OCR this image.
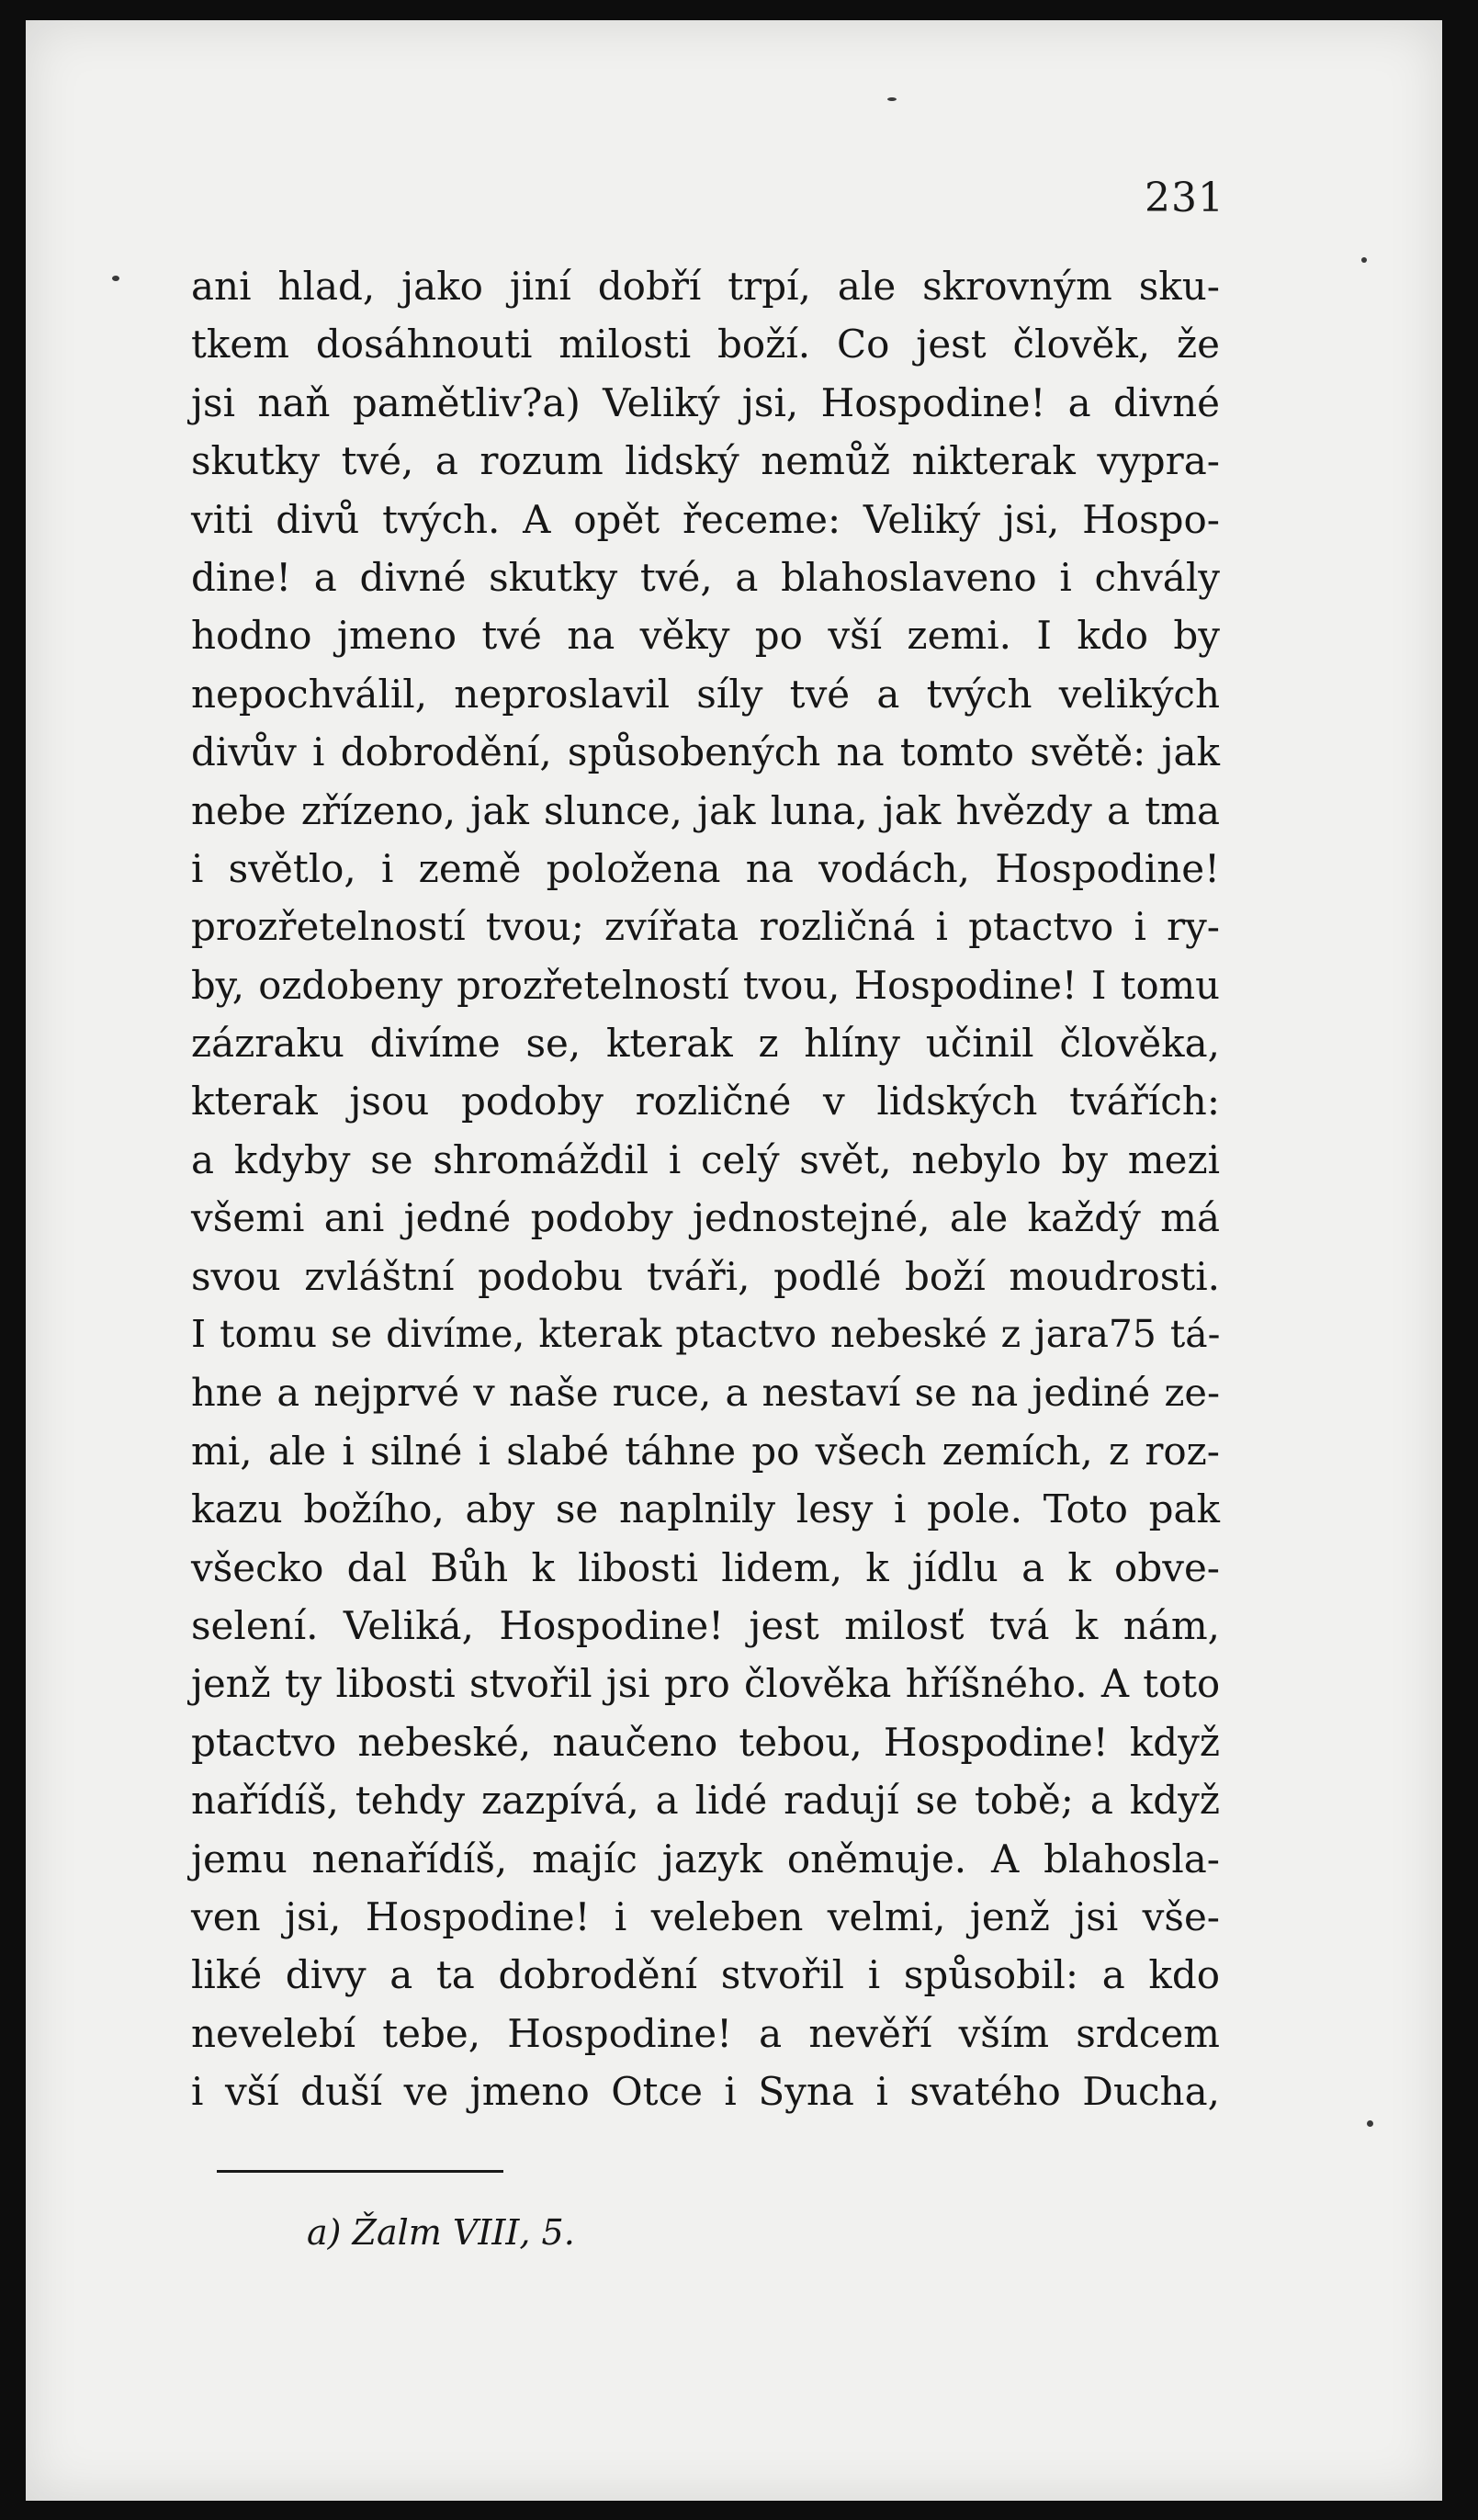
231
ani hlad, jako jiní dobří trpí, ale skrovným sku-
tkem dosáhnouti milosti boží. Co jest člověk, že
jsi naň pamětliv?a) Veliký jsi, Hospodine! a divné
skutky tvé, a rozum lidský nemůž nikterak vypra-
viti divů tvých. A opět řeceme: Veliký jsi, Hospo-
dine! a divné skutky tvé, a blahoslaveno i chvály
hodno jmeno tvé na věky po vší zemi. I kdo by
nepochválil, neproslavil síly tvé a tvých velikých
divův i dobrodění, spůsobených na tomto světě: jak
nebe zřízeno, jak slunce, jak luna, jak hvězdy a tma
i světlo, i země položena na vodách, Hospodine!
prozřetelností tvou; zvířata rozličná i ptactvo i ry-
by, ozdobeny prozřetelností tvou, Hospodine! I tomu
zázraku divíme se, kterak z hlíny učinil člověka,
kterak jsou podoby rozličné v lidských tvářích:
a kdyby se shromáždil i celý svět, nebylo by mezi
všemi ani jedné podoby jednostejné, ale každý má
svou zvláštní podobu tváři, podlé boží moudrosti.
I tomu se divíme, kterak ptactvo nebeské z jara75 tá-
hne a nejprvé v naše ruce, a nestaví se na jediné ze-
mi, ale i silné i slabé táhne po všech zemích, z roz-
kazu božího, aby se naplnily lesy i pole. Toto pak
všecko dal Bůh k libosti lidem, k jídlu a k obve-
selení. Veliká, Hospodine! jest milosť tvá k nám,
jenž ty libosti stvořil jsi pro člověka hříšného. A toto
ptactvo nebeské, naučeno tebou, Hospodine! když
nařídíš, tehdy zazpívá, a lidé radují se tobě; a když
jemu nenařídíš, majíc jazyk oněmuje. A blahosla-
ven jsi, Hospodine! i veleben velmi, jenž jsi vše-
liké divy a ta dobrodění stvořil i spůsobil: a kdo
nevelebí tebe, Hospodine! a nevěří vším srdcem
i vší duší ve jmeno Otce i Syna i svatého Ducha,
a) Žalm VIII, 5.
